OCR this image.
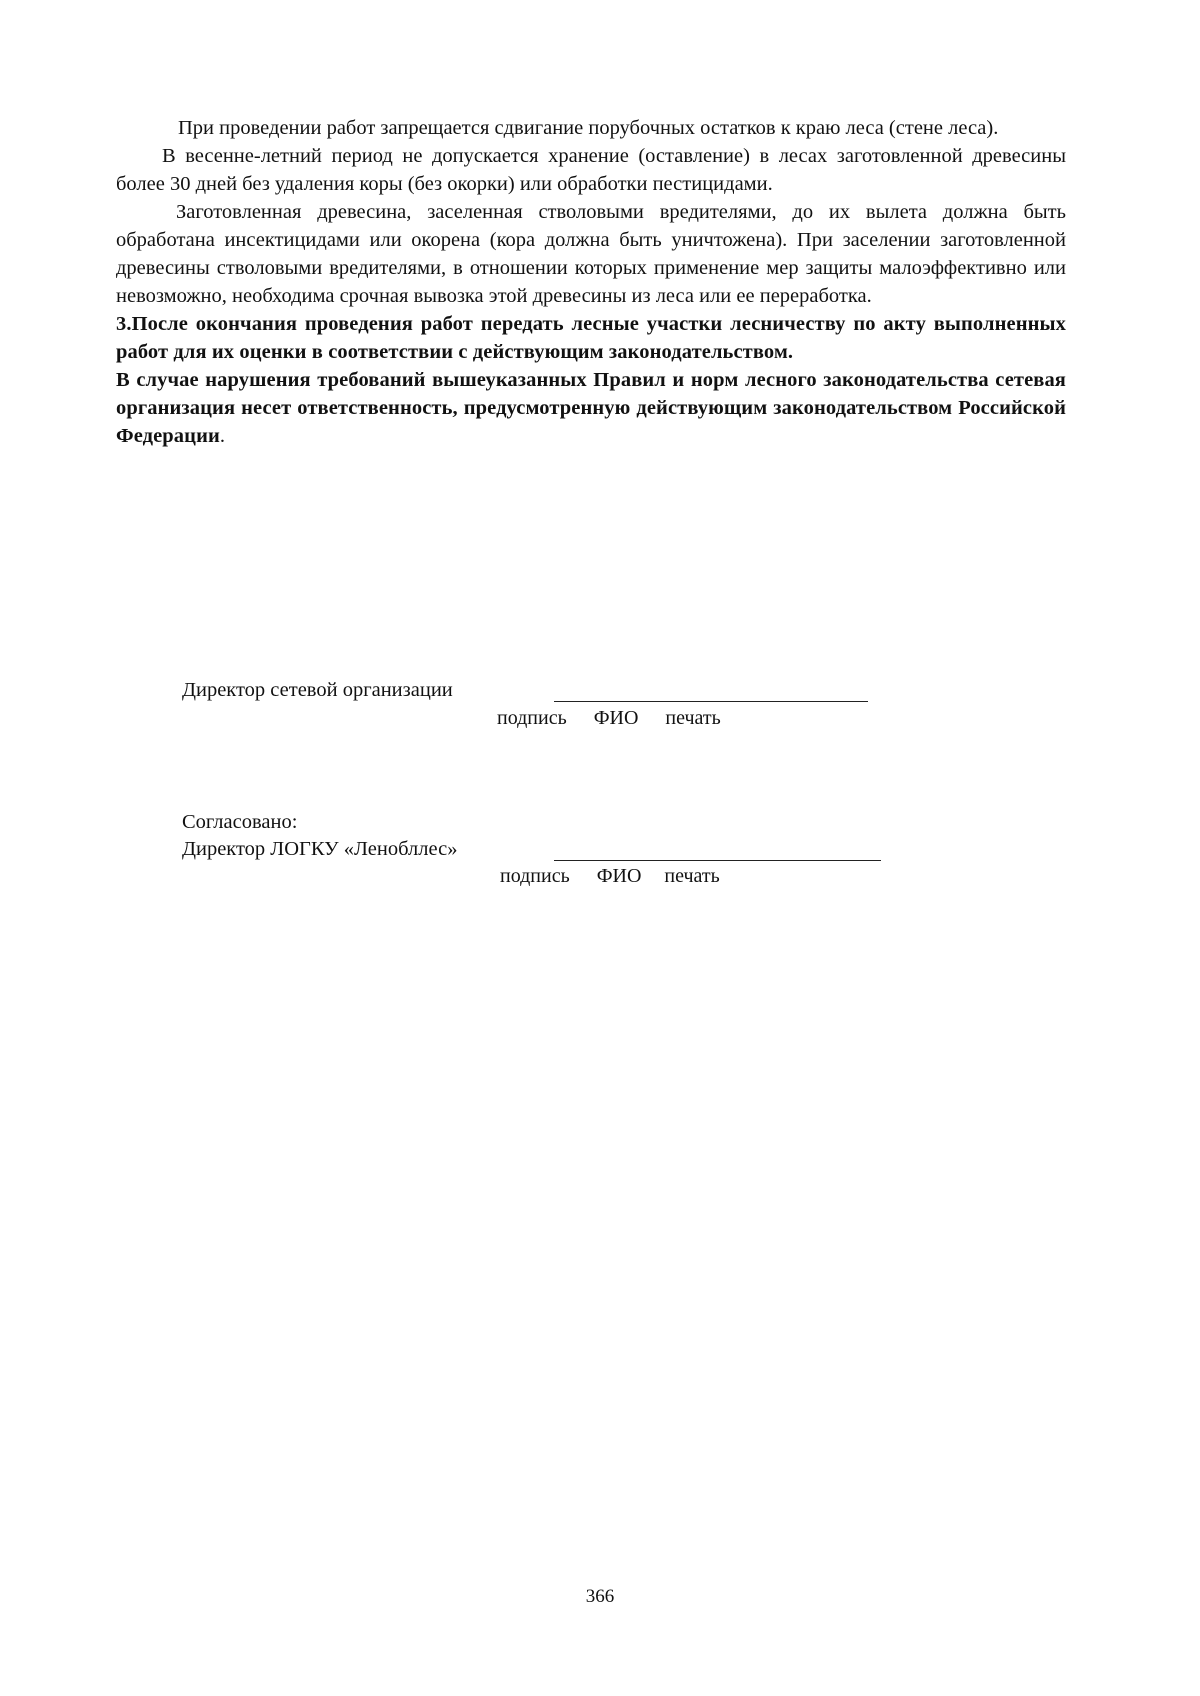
При проведении работ запрещается сдвигание порубочных остатков к краю леса (стене леса).

В весенне-летний период не допускается хранение (оставление) в лесах заготовленной древесины более 30 дней без удаления коры (без окорки) или обработки пестицидами.

Заготовленная древесина, заселенная стволовыми вредителями, до их вылета должна быть обработана инсектицидами или окорена (кора должна быть уничтожена). При заселении заготовленной древесины стволовыми вредителями, в отношении которых применение мер защиты малоэффективно или невозможно, необходима срочная вывозка этой древесины из леса или ее переработка.

3.После окончания проведения работ передать лесные участки лесничеству по акту выполненных работ для их оценки в соответствии с действующим законодательством.

В случае нарушения требований вышеуказанных Правил и норм лесного законодательства сетевая организация несет ответственность, предусмотренную действующим законодательством Российской Федерации.

Директор сетевой организации
подпись ФИО печать
Согласовано:
Директор ЛОГКУ «Ленобллес»
подпись ФИО печать
366
